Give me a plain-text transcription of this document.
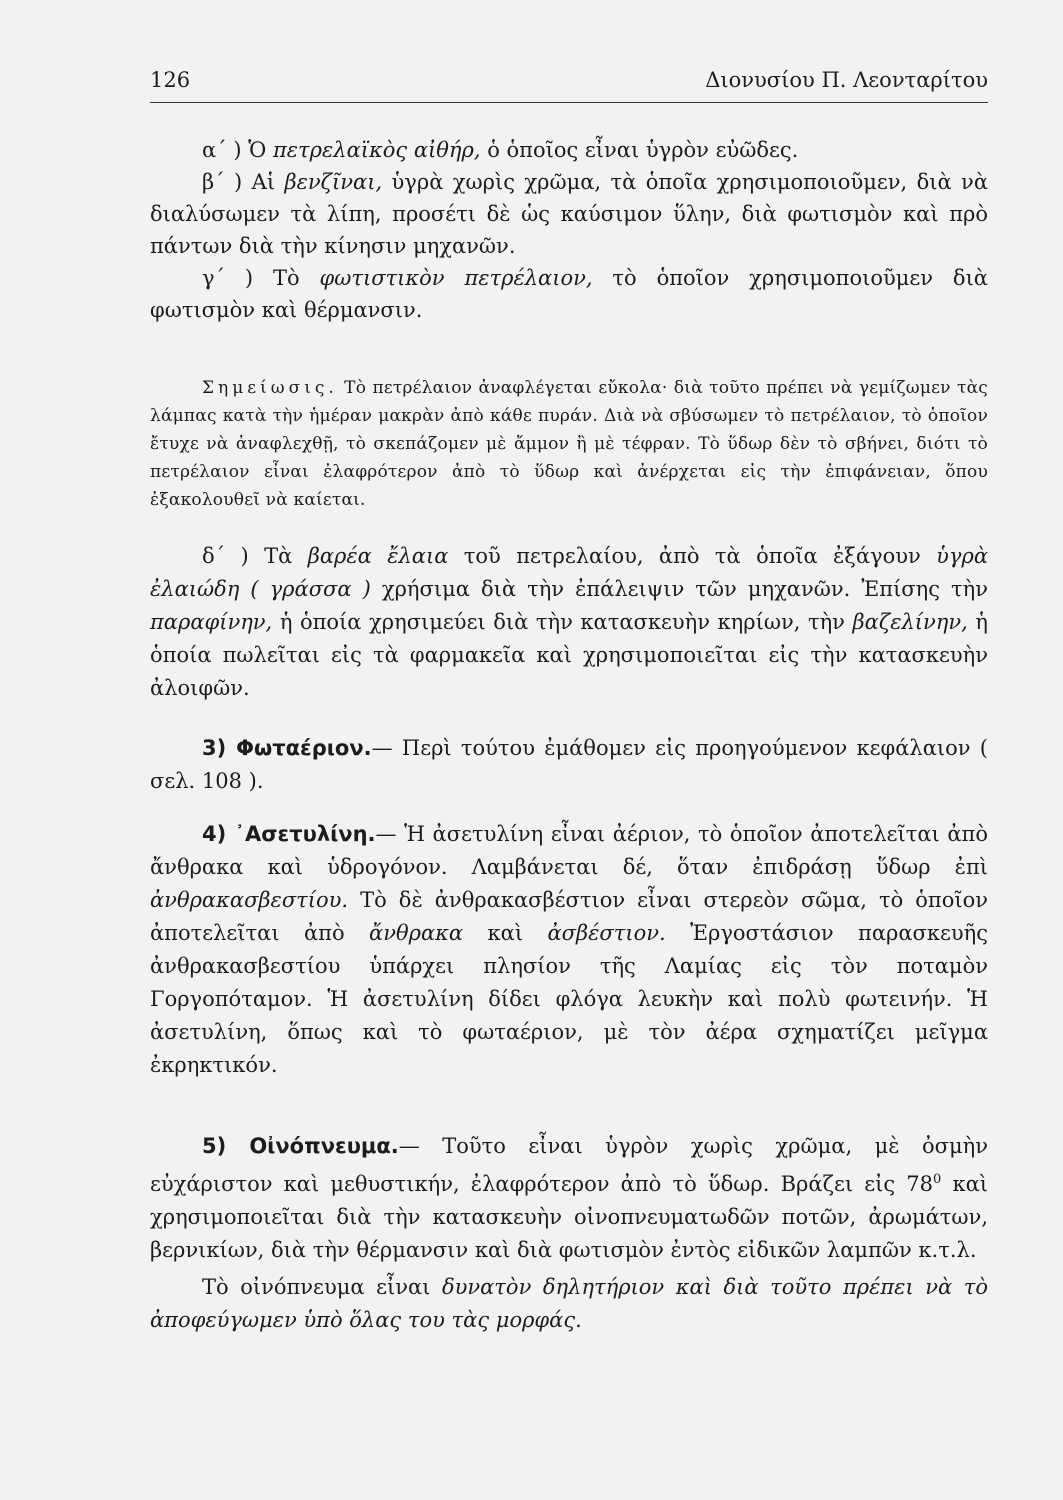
126	Διονυσίου Π. Λεονταρίτου

α΄ ) Ὁ πετρελαϊκὸς αἰθήρ, ὁ ὁποῖος εἶναι ὑγρὸν εὐῶδες.

β΄ ) Αἱ βενζῖναι, ὑγρὰ χωρὶς χρῶμα, τὰ ὁποῖα χρησιμοποιοῦμεν, διὰ νὰ διαλύσωμεν τὰ λίπη, προσέτι δὲ ὡς καύσιμον ὕλην, διὰ φωτισμὸν καὶ πρὸ πάντων διὰ τὴν κίνησιν μηχανῶν.

γ΄ ) Τὸ φωτιστικὸν πετρέλαιον, τὸ ὁποῖον χρησιμοποιοῦμεν διὰ φωτισμὸν καὶ θέρμανσιν.

Σημείωσις. Τὸ πετρέλαιον ἀναφλέγεται εὔκολα· διὰ τοῦτο πρέπει νὰ γεμίζωμεν τὰς λάμπας κατὰ τὴν ἡμέραν μακρὰν ἀπὸ κάθε πυράν. Διὰ νὰ σβύσωμεν τὸ πετρέλαιον, τὸ ὁποῖον ἔτυχε νὰ ἀναφλεχθῇ, τὸ σκεπάζομεν μὲ ἄμμον ἢ μὲ τέφραν. Τὸ ὕδωρ δὲν τὸ σβήνει, διότι τὸ πετρέλαιον εἶναι ἐλαφρότερον ἀπὸ τὸ ὕδωρ καὶ ἀνέρχεται εἰς τὴν ἐπιφάνειαν, ὅπου ἐξακολουθεῖ νὰ καίεται.

δ΄ ) Τὰ βαρέα ἔλαια τοῦ πετρελαίου, ἀπὸ τὰ ὁποῖα ἐξάγουν ὑγρὰ ἐλαιώδη ( γράσσα ) χρήσιμα διὰ τὴν ἐπάλειψιν τῶν μηχανῶν. Ἐπίσης τὴν παραφίνην, ἡ ὁποία χρησιμεύει διὰ τὴν κατασκευὴν κηρίων, τὴν βαζελίνην, ἡ ὁποία πωλεῖται εἰς τὰ φαρμακεῖα καὶ χρησιμοποιεῖται εἰς τὴν κατασκευὴν ἀλοιφῶν.

3) Φωταέριον.— Περὶ τούτου ἐμάθομεν εἰς προηγούμενον κεφάλαιον ( σελ. 108 ).

4) ᾽Ασετυλίνη.— Ἡ ἀσετυλίνη εἶναι ἀέριον, τὸ ὁποῖον ἀποτελεῖται ἀπὸ ἄνθρακα καὶ ὑδρογόνον. Λαμβάνεται δέ, ὅταν ἐπιδράσῃ ὕδωρ ἐπὶ ἀνθρακασβεστίου. Τὸ δὲ ἀνθρακασβέστιον εἶναι στερεὸν σῶμα, τὸ ὁποῖον ἀποτελεῖται ἀπὸ ἄνθρακα καὶ ἀσβέστιον. Ἐργοστάσιον παρασκευῆς ἀνθρακασβεστίου ὑπάρχει πλησίον τῆς Λαμίας εἰς τὸν ποταμὸν Γοργοπόταμον. Ἡ ἀσετυλίνη δίδει φλόγα λευκὴν καὶ πολὺ φωτεινήν. Ἡ ἀσετυλίνη, ὅπως καὶ τὸ φωταέριον, μὲ τὸν ἀέρα σχηματίζει μεῖγμα ἐκρηκτικόν.

5) Οἰνόπνευμα.— Τοῦτο εἶναι ὑγρὸν χωρὶς χρῶμα, μὲ ὀσμὴν εὐχάριστον καὶ μεθυστικήν, ἐλαφρότερον ἀπὸ τὸ ὕδωρ. Βράζει εἰς $78^0$ καὶ χρησιμοποιεῖται διὰ τὴν κατασκευὴν οἰνοπνευματωδῶν ποτῶν, ἀρωμάτων, βερνικίων, διὰ τὴν θέρμανσιν καὶ διὰ φωτισμὸν ἐντὸς εἰδικῶν λαμπῶν κ.τ.λ.

Τὸ οἰνόπνευμα εἶναι δυνατὸν δηλητήριον καὶ διὰ τοῦτο πρέπει νὰ τὸ ἀποφεύγωμεν ὑπὸ ὅλας του τὰς μορφάς.
